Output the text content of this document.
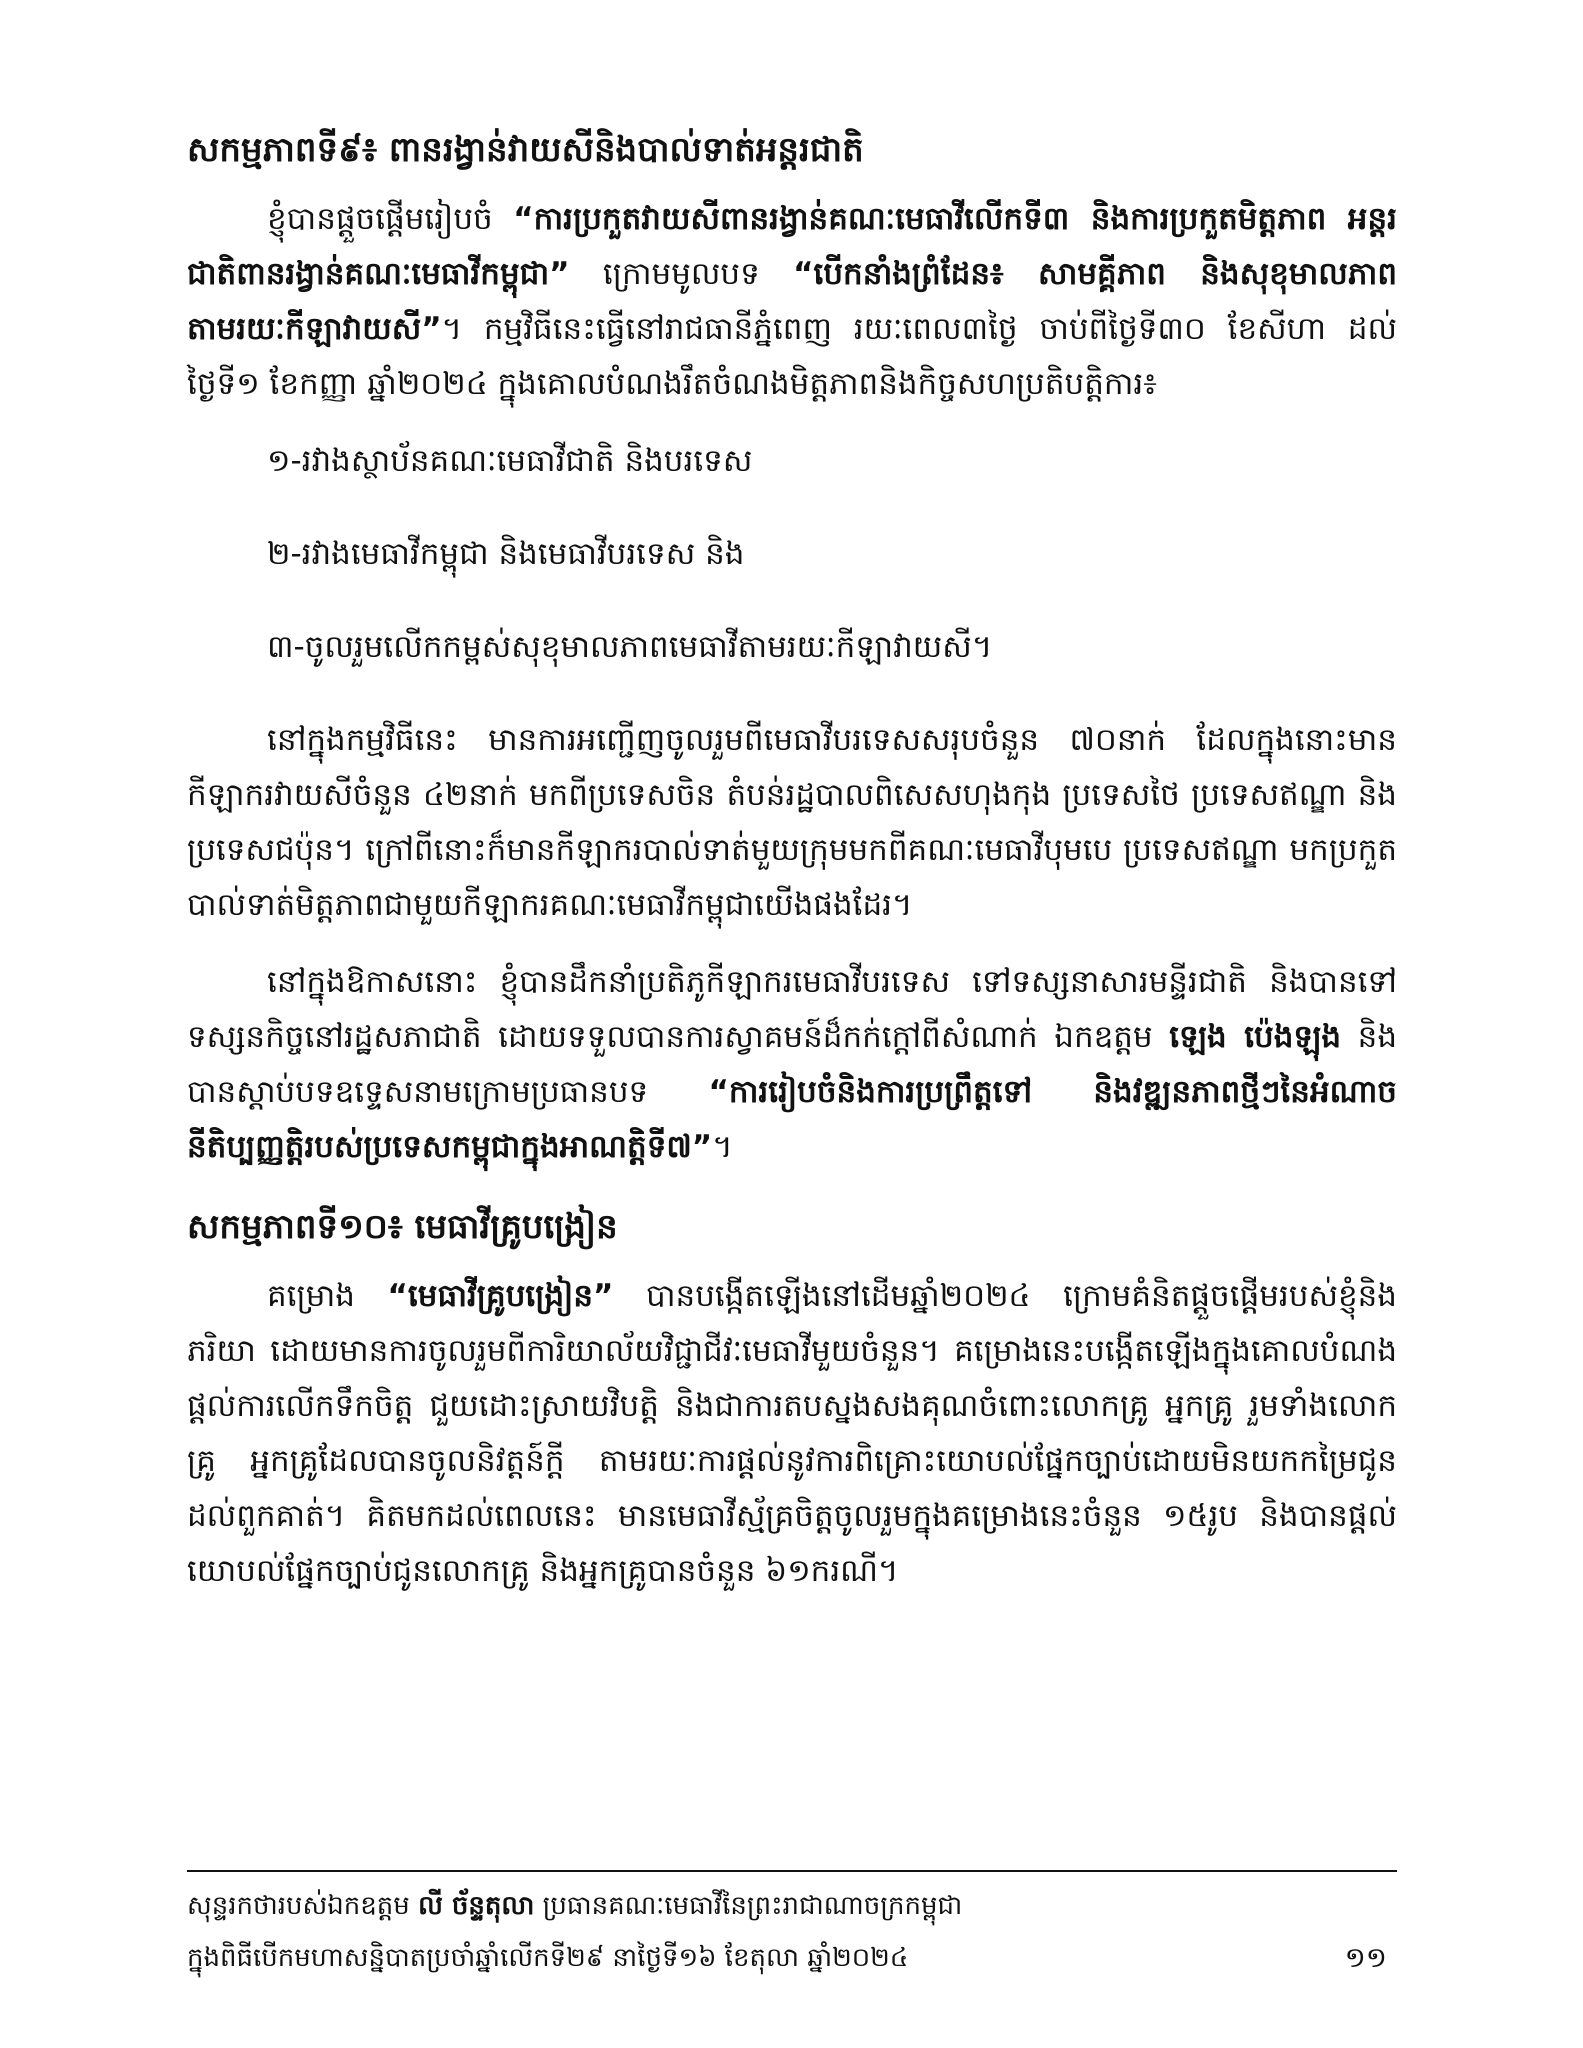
សកម្មភាពទី៩៖ ពានរង្វាន់វាយសីនិងបាល់ទាត់អន្តរជាតិ

ខ្ញុំបានផ្តួចផ្តើមរៀបចំ “ការប្រកួតវាយសីពានរង្វាន់គណៈមេធាវីលើកទី៣ និងការប្រកួតមិត្តភាព អន្តរជាតិពានរង្វាន់គណៈមេធាវីកម្ពុជា” ក្រោមមូលបទ “បើកនាំងព្រំដែន៖ សាមគ្គីភាព និងសុខុមាលភាព តាមរយៈកីឡាវាយសី”។ កម្មវិធីនេះធ្វើនៅរាជធានីភ្នំពេញ រយៈពេល៣ថ្ងៃ ចាប់ពីថ្ងៃទី៣០ ខែសីហា ដល់ថ្ងៃទី១ ខែកញ្ញា ឆ្នាំ២០២៤ ក្នុងគោលបំណងរឹតចំណងមិត្តភាពនិងកិច្ចសហប្រតិបត្តិការ៖

១-រវាងស្ថាប័នគណៈមេធាវីជាតិ និងបរទេស
២-រវាងមេធាវីកម្ពុជា និងមេធាវីបរទេស និង
៣-ចូលរួមលើកកម្ពស់សុខុមាលភាពមេធាវីតាមរយៈកីឡាវាយសី។

នៅក្នុងកម្មវិធីនេះ មានការអញ្ជើញចូលរួមពីមេធាវីបរទេសសរុបចំនួន ៧០នាក់ ដែលក្នុងនោះមានកីឡាករវាយសីចំនួន ៤២នាក់ មកពីប្រទេសចិន តំបន់រដ្ឋបាលពិសេសហុងកុង ប្រទេសថៃ ប្រទេសឥណ្ឌា និងប្រទេសជប៉ុន។ ក្រៅពីនោះក៏មានកីឡាករបាល់ទាត់មួយក្រុមមកពីគណៈមេធាវីបុមបេ ប្រទេសឥណ្ឌា មកប្រកួតបាល់ទាត់មិត្តភាពជាមួយកីឡាករគណៈមេធាវីកម្ពុជាយើងផងដែរ។

នៅក្នុងឱកាសនោះ ខ្ញុំបានដឹកនាំប្រតិភូកីឡាករមេធាវីបរទេស ទៅទស្សនាសារមន្ទីរជាតិ និងបានទៅទស្សនកិច្ចនៅរដ្ឋសភាជាតិ ដោយទទួលបានការស្វាគមន៍ដ៏កក់ក្តៅពីសំណាក់ ឯកឧត្តម ឡេង ប៉េងឡុង និងបានស្តាប់បទឧទ្ទេសនាមក្រោមប្រធានបទ “ការរៀបចំនិងការប្រព្រឹត្តទៅ និងវឌ្ឍនភាពថ្មីៗនៃអំណាចនីតិប្បញ្ញត្តិរបស់ប្រទេសកម្ពុជាក្នុងអាណត្តិទី៧”។

សកម្មភាពទី១០៖ មេធាវីគ្រូបង្រៀន

គម្រោង “មេធាវីគ្រូបង្រៀន” បានបង្កើតឡើងនៅដើមឆ្នាំ២០២៤ ក្រោមគំនិតផ្តួចផ្តើមរបស់ខ្ញុំនិងភរិយា ដោយមានការចូលរួមពីការិយាល័យវិជ្ជាជីវៈមេធាវីមួយចំនួន។ គម្រោងនេះបង្កើតឡើងក្នុងគោលបំណងផ្តល់ការលើកទឹកចិត្ត ជួយដោះស្រាយវិបត្តិ និងជាការតបស្នងសងគុណចំពោះលោកគ្រូ អ្នកគ្រូ រួមទាំងលោកគ្រូ អ្នកគ្រូដែលបានចូលនិវត្តន៍ក្តី តាមរយៈការផ្តល់នូវការពិគ្រោះយោបល់ផ្នែកច្បាប់ដោយមិនយកកម្រៃជូនដល់ពួកគាត់។ គិតមកដល់ពេលនេះ មានមេធាវីស្ម័គ្រចិត្តចូលរួមក្នុងគម្រោងនេះចំនួន ១៥រូប និងបានផ្តល់យោបល់ផ្នែកច្បាប់ជូនលោកគ្រូ និងអ្នកគ្រូបានចំនួន ៦១ករណី។

សុន្ទរកថារបស់ឯកឧត្តម លី ច័ន្ទតុលា ប្រធានគណៈមេធាវីនៃព្រះរាជាណាចក្រកម្ពុជា
ក្នុងពិធីបើកមហាសន្និបាតប្រចាំឆ្នាំលើកទី២៩ នាថ្ងៃទី១៦ ខែតុលា ឆ្នាំ២០២៤	១១
